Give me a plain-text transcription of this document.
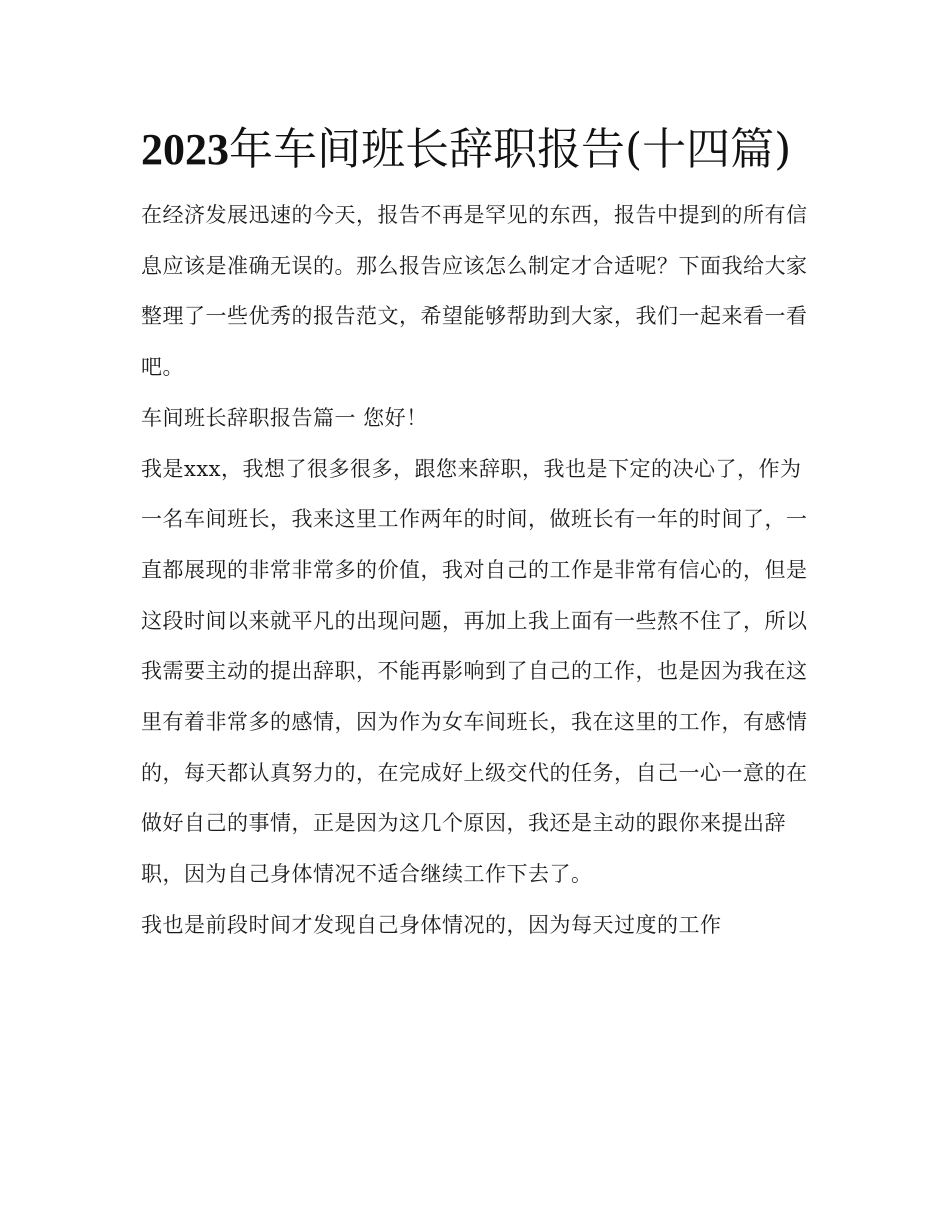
2023年车间班长辞职报告(十四篇)

在经济发展迅速的今天，报告不再是罕见的东西，报告中提到的所有信息应该是准确无误的。那么报告应该怎么制定才合适呢？下面我给大家整理了一些优秀的报告范文，希望能够帮助到大家，我们一起来看一看吧。

车间班长辞职报告篇一 您好！

我是xxx，我想了很多很多，跟您来辞职，我也是下定的决心了，作为一名车间班长，我来这里工作两年的时间，做班长有一年的时间了，一直都展现的非常非常多的价值，我对自己的工作是非常有信心的，但是这段时间以来就平凡的出现问题，再加上我上面有一些熬不住了，所以我需要主动的提出辞职，不能再影响到了自己的工作，也是因为我在这里有着非常多的感情，因为作为女车间班长，我在这里的工作，有感情的，每天都认真努力的，在完成好上级交代的任务，自己一心一意的在做好自己的事情，正是因为这几个原因，我还是主动的跟你来提出辞职，因为自己身体情况不适合继续工作下去了。

我也是前段时间才发现自己身体情况的，因为每天过度的工作
